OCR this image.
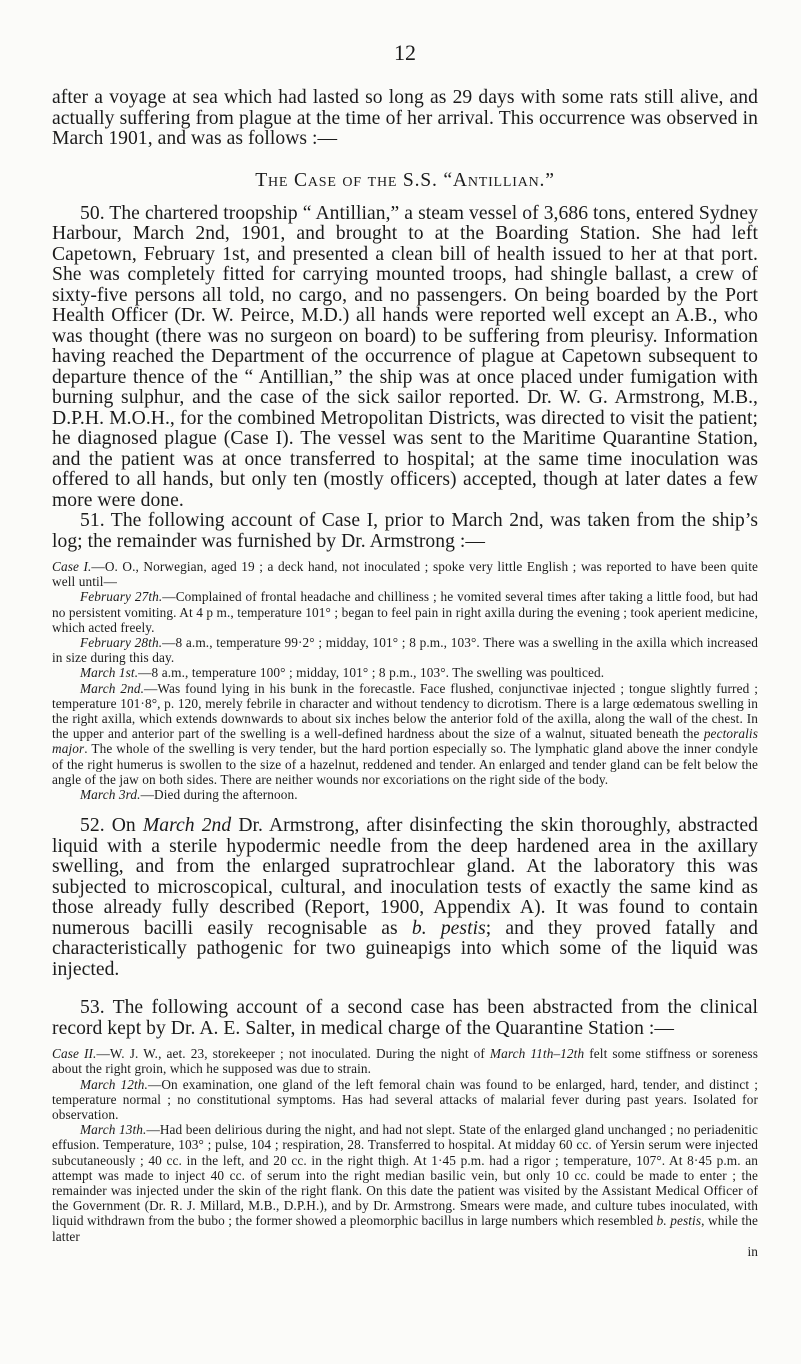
12

after a voyage at sea which had lasted so long as 29 days with some rats still alive, and actually suffering from plague at the time of her arrival. This occurrence was observed in March 1901, and was as follows :—

The Case of the S.S. “Antillian.”

50. The chartered troopship “ Antillian,” a steam vessel of 3,686 tons, entered Sydney Harbour, March 2nd, 1901, and brought to at the Boarding Station. She had left Capetown, February 1st, and presented a clean bill of health issued to her at that port. She was completely fitted for carrying mounted troops, had shingle ballast, a crew of sixty-five persons all told, no cargo, and no passengers. On being boarded by the Port Health Officer (Dr. W. Peirce, M.D.) all hands were reported well except an A.B., who was thought (there was no surgeon on board) to be suffering from pleurisy. Information having reached the Department of the occurrence of plague at Capetown subsequent to departure thence of the “ Antillian,” the ship was at once placed under fumigation with burning sulphur, and the case of the sick sailor reported. Dr. W. G. Armstrong, M.B., D.P.H. M.O.H., for the combined Metropolitan Districts, was directed to visit the patient; he diagnosed plague (Case I). The vessel was sent to the Maritime Quarantine Station, and the patient was at once transferred to hospital; at the same time inoculation was offered to all hands, but only ten (mostly officers) accepted, though at later dates a few more were done.

51. The following account of Case I, prior to March 2nd, was taken from the ship’s log; the remainder was furnished by Dr. Armstrong :—

Case I.—O. O., Norwegian, aged 19 ; a deck hand, not inoculated ; spoke very little English ; was reported to have been quite well until—

February 27th.—Complained of frontal headache and chilliness ; he vomited several times after taking a little food, but had no persistent vomiting. At 4 p m., temperature 101° ; began to feel pain in right axilla during the evening ; took aperient medicine, which acted freely.

February 28th.—8 a.m., temperature 99·2° ; midday, 101° ; 8 p.m., 103°. There was a swelling in the axilla which increased in size during this day.

March 1st.—8 a.m., temperature 100° ; midday, 101° ; 8 p.m., 103°. The swelling was poulticed.

March 2nd.—Was found lying in his bunk in the forecastle. Face flushed, conjunctivae injected ; tongue slightly furred ; temperature 101·8°, p. 120, merely febrile in character and without tendency to dicrotism. There is a large œdematous swelling in the right axilla, which extends downwards to about six inches below the anterior fold of the axilla, along the wall of the chest. In the upper and anterior part of the swelling is a well-defined hardness about the size of a walnut, situated beneath the pectoralis major. The whole of the swelling is very tender, but the hard portion especially so. The lymphatic gland above the inner condyle of the right humerus is swollen to the size of a hazelnut, reddened and tender. An enlarged and tender gland can be felt below the angle of the jaw on both sides. There are neither wounds nor excoriations on the right side of the body.

March 3rd.—Died during the afternoon.

52. On March 2nd Dr. Armstrong, after disinfecting the skin thoroughly, abstracted liquid with a sterile hypodermic needle from the deep hardened area in the axillary swelling, and from the enlarged supratrochlear gland. At the laboratory this was subjected to microscopical, cultural, and inoculation tests of exactly the same kind as those already fully described (Report, 1900, Appendix A). It was found to contain numerous bacilli easily recognisable as b. pestis; and they proved fatally and characteristically pathogenic for two guineapigs into which some of the liquid was injected.

53. The following account of a second case has been abstracted from the clinical record kept by Dr. A. E. Salter, in medical charge of the Quarantine Station :—

Case II.—W. J. W., aet. 23, storekeeper ; not inoculated. During the night of March 11th–12th felt some stiffness or soreness about the right groin, which he supposed was due to strain.

March 12th.—On examination, one gland of the left femoral chain was found to be enlarged, hard, tender, and distinct ; temperature normal ; no constitutional symptoms. Has had several attacks of malarial fever during past years. Isolated for observation.

March 13th.—Had been delirious during the night, and had not slept. State of the enlarged gland unchanged ; no periadenitic effusion. Temperature, 103° ; pulse, 104 ; respiration, 28. Transferred to hospital. At midday 60 cc. of Yersin serum were injected subcutaneously ; 40 cc. in the left, and 20 cc. in the right thigh. At 1·45 p.m. had a rigor ; temperature, 107°. At 8·45 p.m. an attempt was made to inject 40 cc. of serum into the right median basilic vein, but only 10 cc. could be made to enter ; the remainder was injected under the skin of the right flank. On this date the patient was visited by the Assistant Medical Officer of the Government (Dr. R. J. Millard, M.B., D.P.H.), and by Dr. Armstrong. Smears were made, and culture tubes inoculated, with liquid withdrawn from the bubo ; the former showed a pleomorphic bacillus in large numbers which resembled b. pestis, while the latter

in
